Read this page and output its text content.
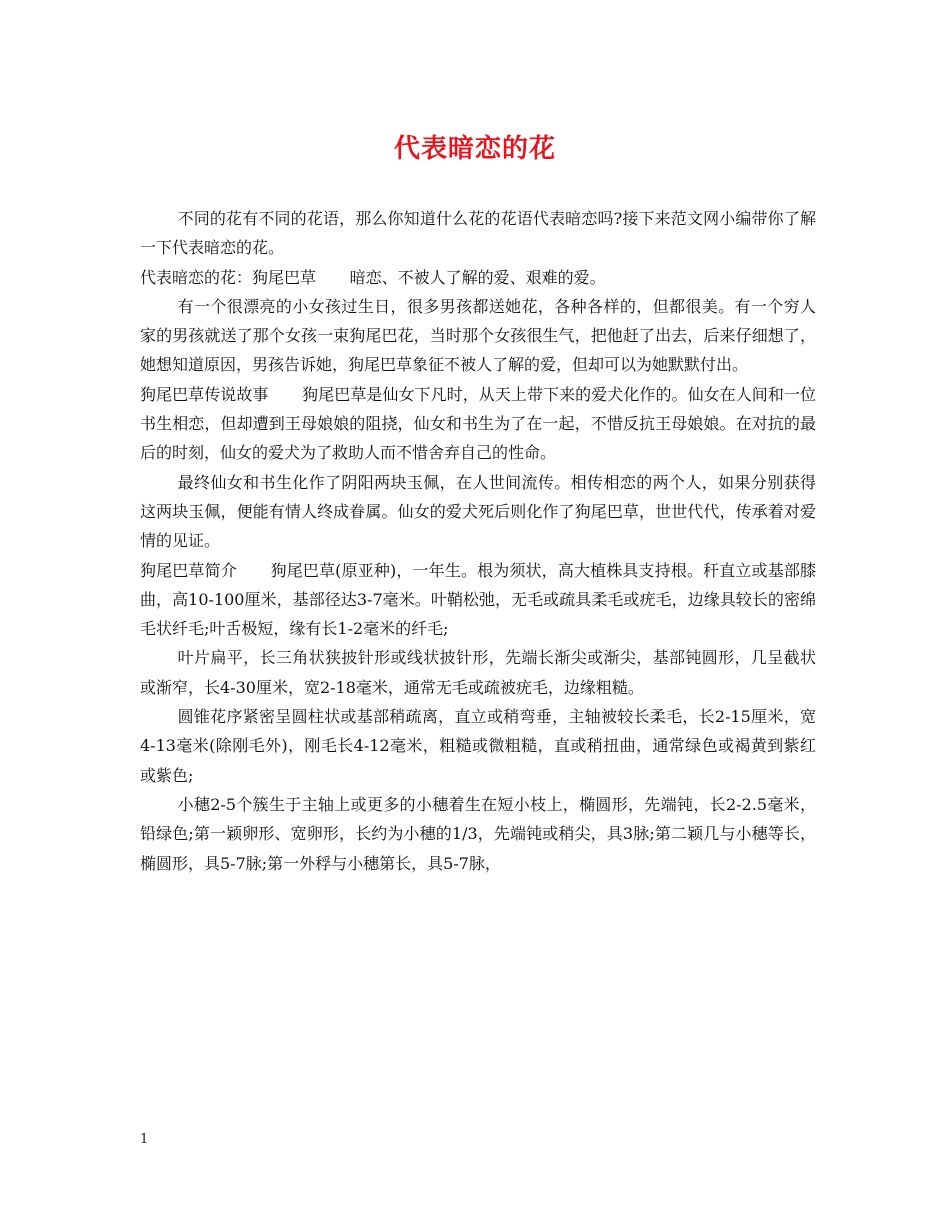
代表暗恋的花

不同的花有不同的花语，那么你知道什么花的花语代表暗恋吗?接下来范文网小编带你了解一下代表暗恋的花。

代表暗恋的花：狗尾巴草 暗恋、不被人了解的爱、艰难的爱。

有一个很漂亮的小女孩过生日，很多男孩都送她花，各种各样的，但都很美。有一个穷人家的男孩就送了那个女孩一束狗尾巴花，当时那个女孩很生气，把他赶了出去，后来仔细想了，她想知道原因，男孩告诉她，狗尾巴草象征不被人了解的爱，但却可以为她默默付出。

狗尾巴草传说故事 狗尾巴草是仙女下凡时，从天上带下来的爱犬化作的。仙女在人间和一位书生相恋，但却遭到王母娘娘的阻挠，仙女和书生为了在一起，不惜反抗王母娘娘。在对抗的最后的时刻，仙女的爱犬为了救助人而不惜舍弃自己的性命。

最终仙女和书生化作了阴阳两块玉佩，在人世间流传。相传相恋的两个人，如果分别获得这两块玉佩，便能有情人终成眷属。仙女的爱犬死后则化作了狗尾巴草，世世代代，传承着对爱情的见证。

狗尾巴草简介 狗尾巴草(原亚种)，一年生。根为须状，高大植株具支持根。秆直立或基部膝曲，高10-100厘米，基部径达3-7毫米。叶鞘松弛，无毛或疏具柔毛或疣毛，边缘具较长的密绵毛状纤毛;叶舌极短，缘有长1-2毫米的纤毛;

叶片扁平，长三角状狭披针形或线状披针形，先端长渐尖或渐尖，基部钝圆形，几呈截状或渐窄，长4-30厘米，宽2-18毫米，通常无毛或疏被疣毛，边缘粗糙。

圆锥花序紧密呈圆柱状或基部稍疏离，直立或稍弯垂，主轴被较长柔毛，长2-15厘米，宽4-13毫米(除刚毛外)，刚毛长4-12毫米，粗糙或微粗糙，直或稍扭曲，通常绿色或褐黄到紫红或紫色;

小穗2-5个簇生于主轴上或更多的小穗着生在短小枝上，椭圆形，先端钝，长2-2.5毫米，铅绿色;第一颖卵形、宽卵形，长约为小穗的1/3，先端钝或稍尖，具3脉;第二颖几与小穗等长，椭圆形，具5-7脉;第一外稃与小穗第长，具5-7脉，

1
